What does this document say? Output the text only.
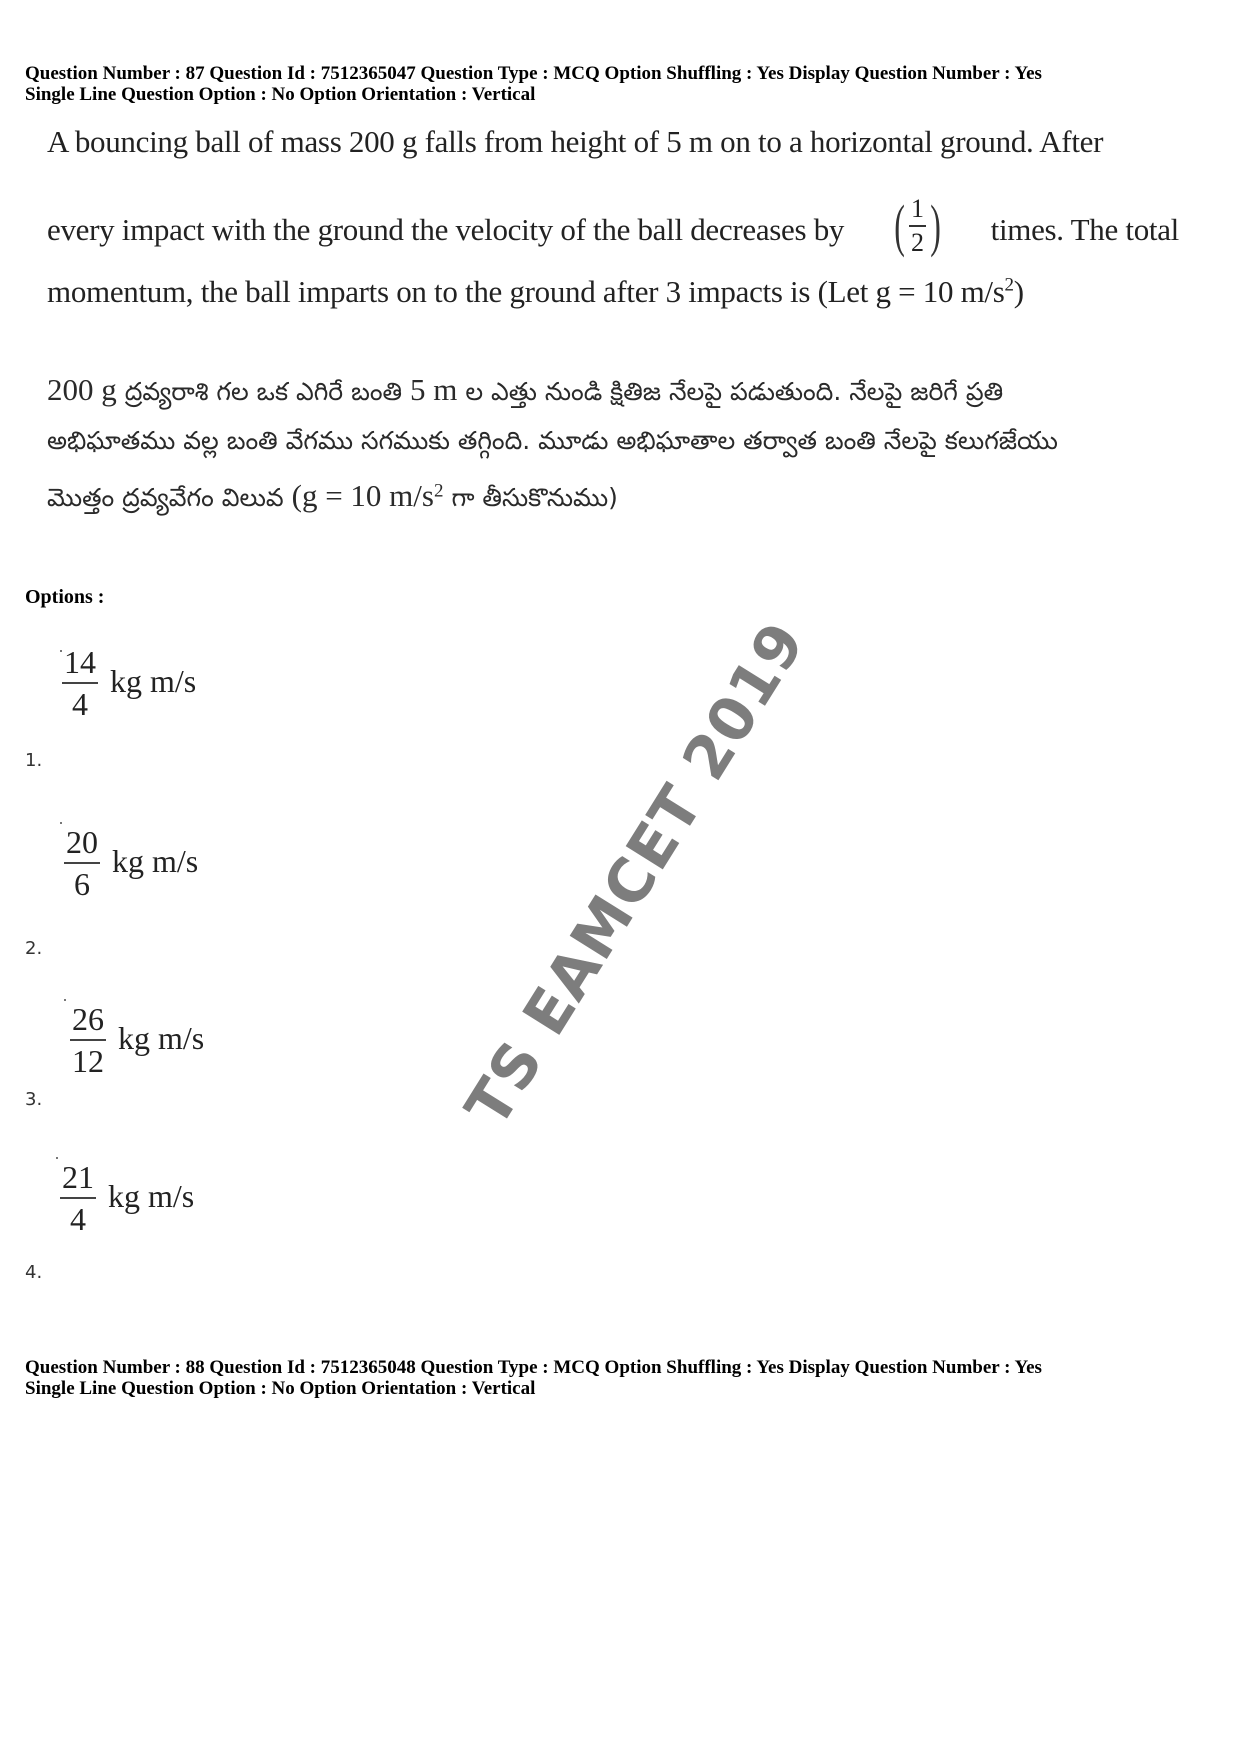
Question Number : 87 Question Id : 7512365047 Question Type : MCQ Option Shuffling : Yes Display Question Number : Yes
Single Line Question Option : No Option Orientation : Vertical
A bouncing ball of mass 200 g falls from height of 5 m on to a horizontal ground. After
every impact with the ground the velocity of the ball decreases by ( $\frac{1}{2}$ ) times. The total
momentum, the ball imparts on to the ground after 3 impacts is (Let g = 10 $m/s^2$)
200 g ద్రవ్యరాశి గల ఒక ఎగిరే బంతి 5 m ల ఎత్తు నుండి క్షితిజ నేలపై పడుతుంది. నేలపై జరిగే ప్రతి
అభిఘాతము వల్ల బంతి వేగము సగముకు తగ్గింది. మూడు అభిఘాతాల తర్వాత బంతి నేలపై కలుగజేయు
మొత్తం ద్రవ్యవేగం విలువ (g = 10 $m/s^2$ గా తీసుకొనుము)
Options :
$\frac{14}{4}$ kg m/s
1.
$\frac{20}{6}$ kg m/s
2.
$\frac{26}{12}$ kg m/s
3.
$\frac{21}{4}$ kg m/s
4.
Question Number : 88 Question Id : 7512365048 Question Type : MCQ Option Shuffling : Yes Display Question Number : Yes
Single Line Question Option : No Option Orientation : Vertical
TS EAMCET 2019
